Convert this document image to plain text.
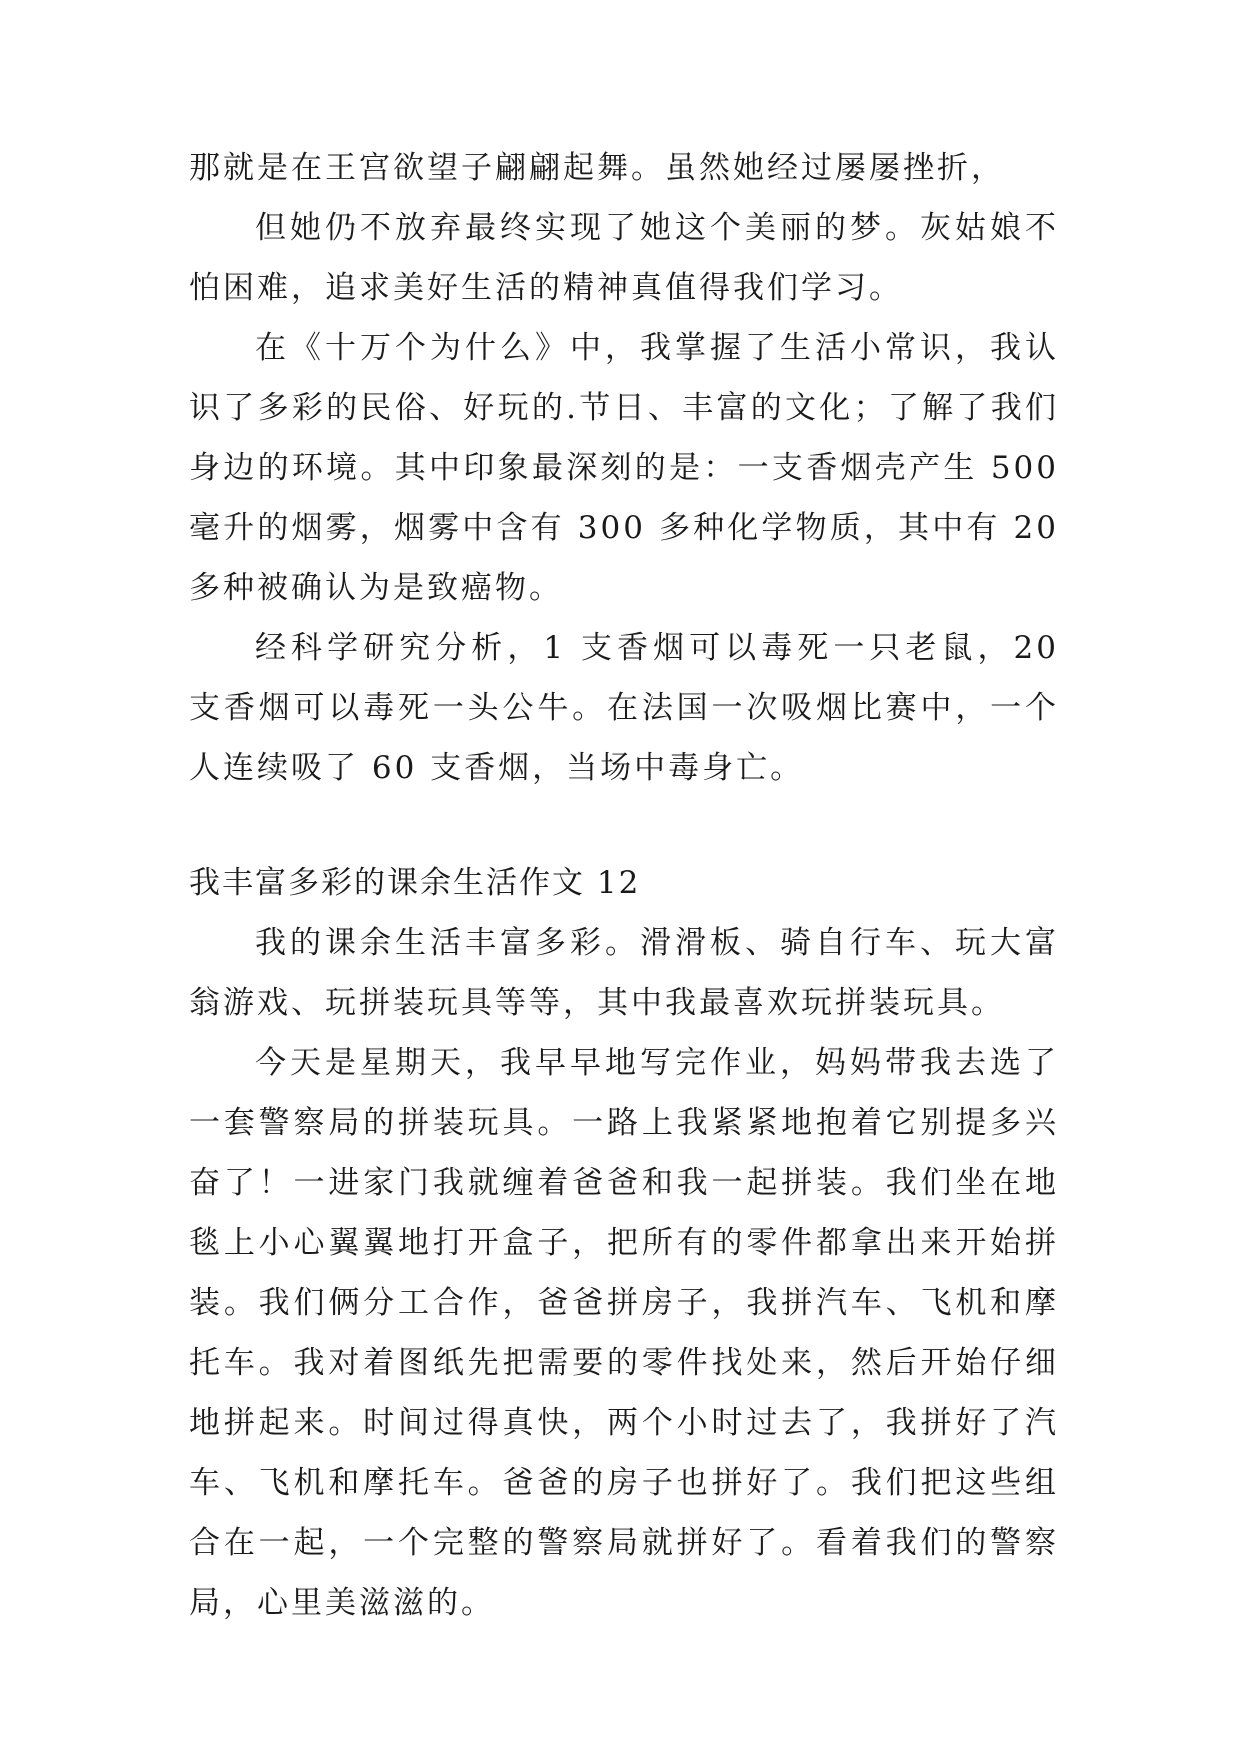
那就是在王宫欲望子翩翩起舞。虽然她经过屡屡挫折，

但她仍不放弃最终实现了她这个美丽的梦。灰姑娘不怕困难，追求美好生活的精神真值得我们学习。

在《十万个为什么》中，我掌握了生活小常识，我认识了多彩的民俗、好玩的.节日、丰富的文化；了解了我们身边的环境。其中印象最深刻的是：一支香烟壳产生 500 毫升的烟雾，烟雾中含有 300 多种化学物质，其中有 20 多种被确认为是致癌物。

经科学研究分析，1 支香烟可以毒死一只老鼠，20 支香烟可以毒死一头公牛。在法国一次吸烟比赛中，一个人连续吸了 60 支香烟，当场中毒身亡。

我丰富多彩的课余生活作文 12

我的课余生活丰富多彩。滑滑板、骑自行车、玩大富翁游戏、玩拼装玩具等等，其中我最喜欢玩拼装玩具。

今天是星期天，我早早地写完作业，妈妈带我去选了一套警察局的拼装玩具。一路上我紧紧地抱着它别提多兴奋了！一进家门我就缠着爸爸和我一起拼装。我们坐在地毯上小心翼翼地打开盒子，把所有的零件都拿出来开始拼装。我们俩分工合作，爸爸拼房子，我拼汽车、飞机和摩托车。我对着图纸先把需要的零件找处来，然后开始仔细地拼起来。时间过得真快，两个小时过去了，我拼好了汽车、飞机和摩托车。爸爸的房子也拼好了。我们把这些组合在一起，一个完整的警察局就拼好了。看着我们的警察局，心里美滋滋的。
